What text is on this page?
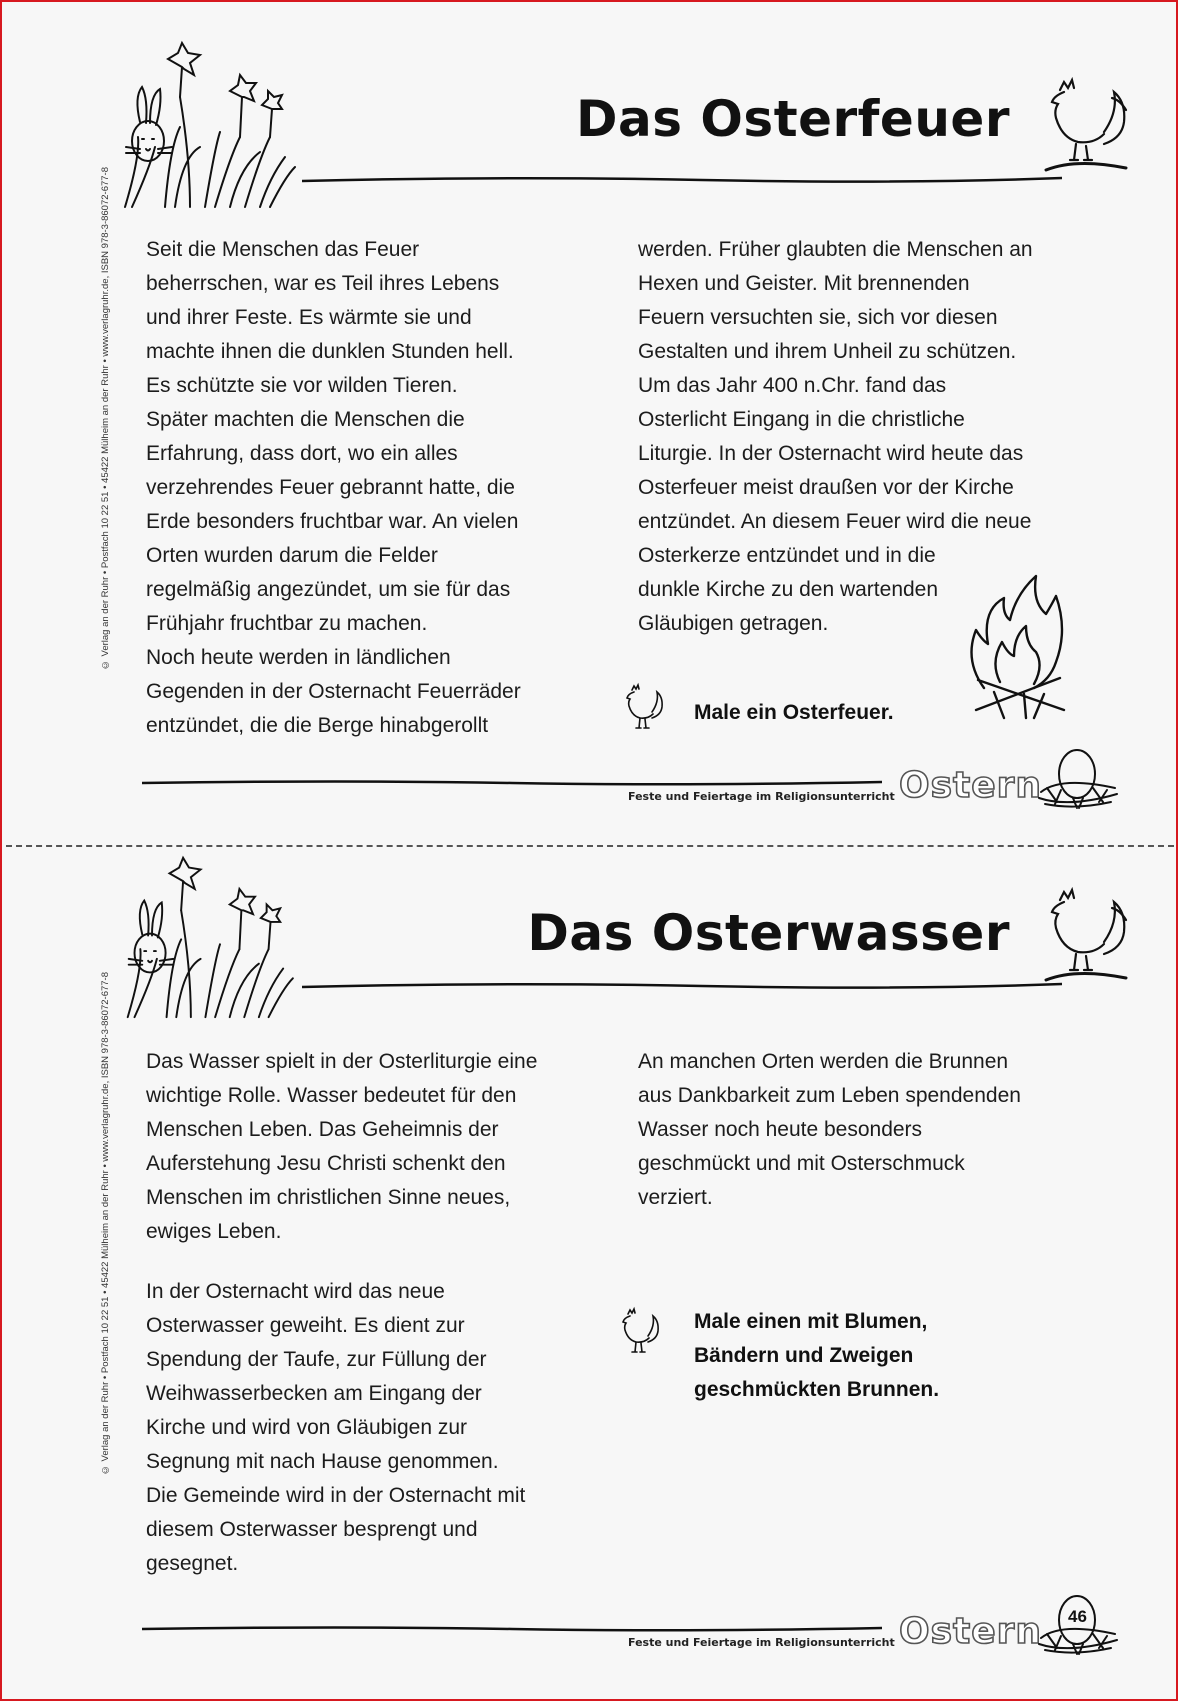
© Verlag an der Ruhr • Postfach 10 22 51 • 45422 Mülheim an der Ruhr • www.verlagruhr.de, ISBN 978-3-86072-677-8
Das Osterfeuer

Seit die Menschen das Feuer
beherrschen, war es Teil ihres Lebens
und ihrer Feste. Es wärmte sie und
machte ihnen die dunklen Stunden hell.
Es schützte sie vor wilden Tieren.
Später machten die Menschen die
Erfahrung, dass dort, wo ein alles
verzehrendes Feuer gebrannt hatte, die
Erde besonders fruchtbar war. An vielen
Orten wurden darum die Felder
regelmäßig angezündet, um sie für das
Frühjahr fruchtbar zu machen.
Noch heute werden in ländlichen
Gegenden in der Osternacht Feuerräder
entzündet, die die Berge hinabgerollt

werden. Früher glaubten die Menschen an
Hexen und Geister. Mit brennenden
Feuern versuchten sie, sich vor diesen
Gestalten und ihrem Unheil zu schützen.
Um das Jahr 400 n.Chr. fand das
Osterlicht Eingang in die christliche
Liturgie. In der Osternacht wird heute das
Osterfeuer meist draußen vor der Kirche
entzündet. An diesem Feuer wird die neue
Osterkerze entzündet und in die
dunkle Kirche zu den wartenden
Gläubigen getragen.

Male ein Osterfeuer.
Feste und Feiertage im Religionsunterricht Ostern
© Verlag an der Ruhr • Postfach 10 22 51 • 45422 Mülheim an der Ruhr • www.verlagruhr.de, ISBN 978-3-86072-677-8
Das Osterwasser

Das Wasser spielt in der Osterliturgie eine
wichtige Rolle. Wasser bedeutet für den
Menschen Leben. Das Geheimnis der
Auferstehung Jesu Christi schenkt den
Menschen im christlichen Sinne neues,
ewiges Leben.

In der Osternacht wird das neue
Osterwasser geweiht. Es dient zur
Spendung der Taufe, zur Füllung der
Weihwasserbecken am Eingang der
Kirche und wird von Gläubigen zur
Segnung mit nach Hause genommen.
Die Gemeinde wird in der Osternacht mit
diesem Osterwasser besprengt und
gesegnet.

An manchen Orten werden die Brunnen
aus Dankbarkeit zum Leben spendenden
Wasser noch heute besonders
geschmückt und mit Osterschmuck
verziert.

Male einen mit Blumen,
Bändern und Zweigen
geschmückten Brunnen.
Feste und Feiertage im Religionsunterricht Ostern 46
